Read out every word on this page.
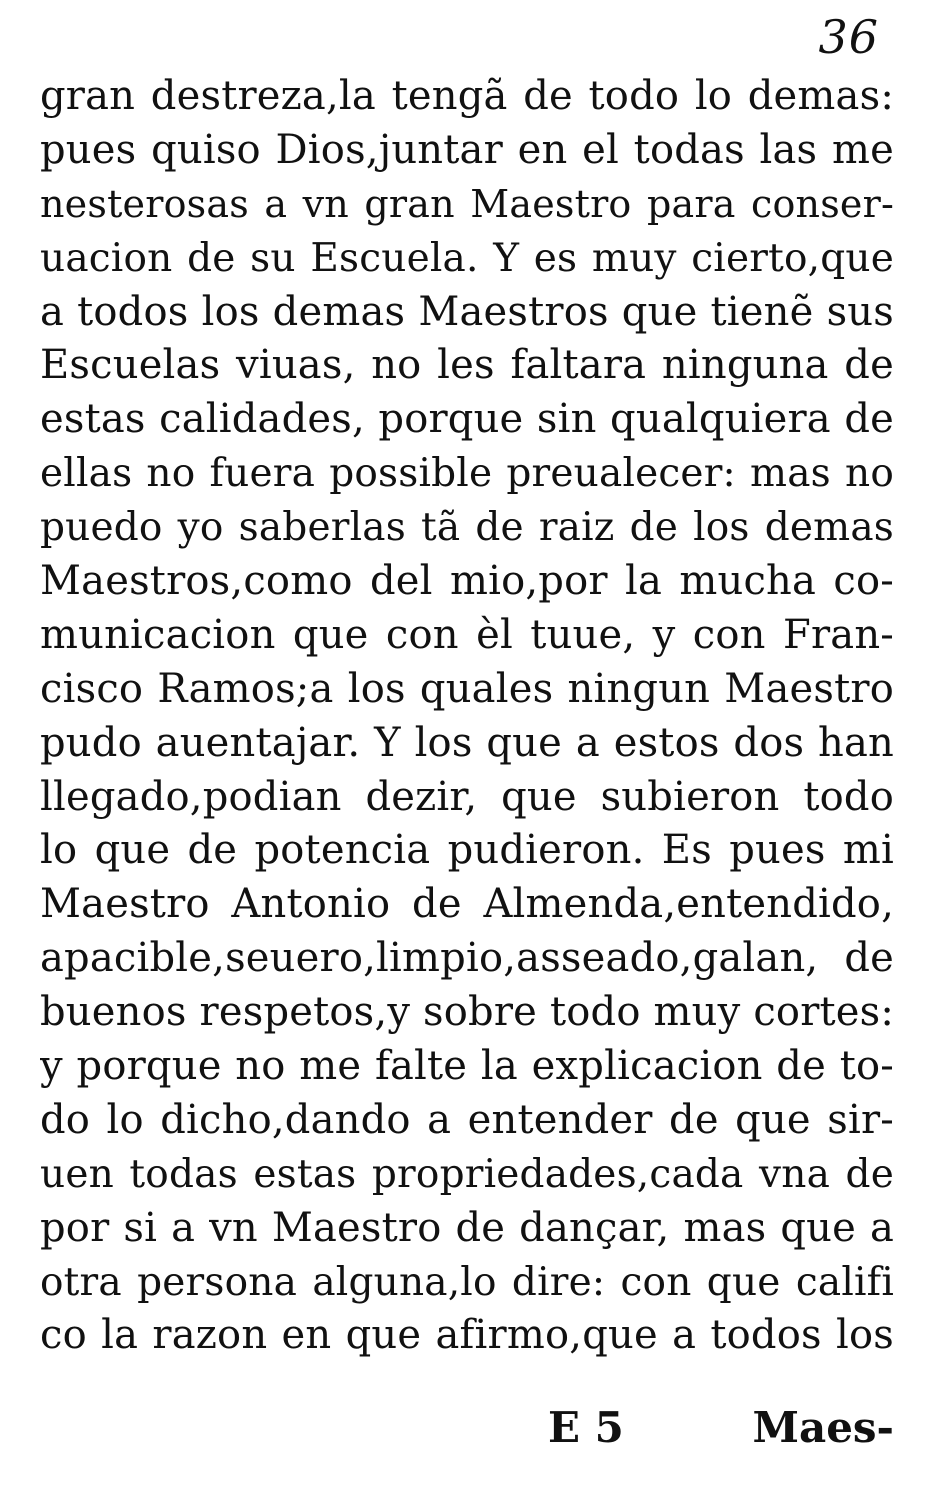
36
gran destreza,la tengã de todo lo demas:
pues quiso Dios,juntar en el todas las me
nesterosas a vn gran Maestro para conser-
uacion de su Escuela. Y es muy cierto,que
a todos los demas Maestros que tienẽ sus
Escuelas viuas, no les faltara ninguna de
estas calidades, porque sin qualquiera de
ellas no fuera possible preualecer: mas no
puedo yo saberlas tã de raiz de los demas
Maestros,como del mio,por la mucha co-
municacion que con èl tuue, y con Fran-
cisco Ramos;a los quales ningun Maestro
pudo auentajar. Y los que a estos dos han
llegado,podian dezir, que subieron todo
lo que de potencia pudieron. Es pues mi
Maestro Antonio de Almenda,entendido,
apacible,seuero,limpio,asseado,galan, de
buenos respetos,y sobre todo muy cortes:
y porque no me falte la explicacion de to-
do lo dicho,dando a entender de que sir-
uen todas estas propriedades,cada vna de
por si a vn Maestro de dançar, mas que a
otra persona alguna,lo dire: con que califi
co la razon en que afirmo,que a todos los
E 5	Maes-
